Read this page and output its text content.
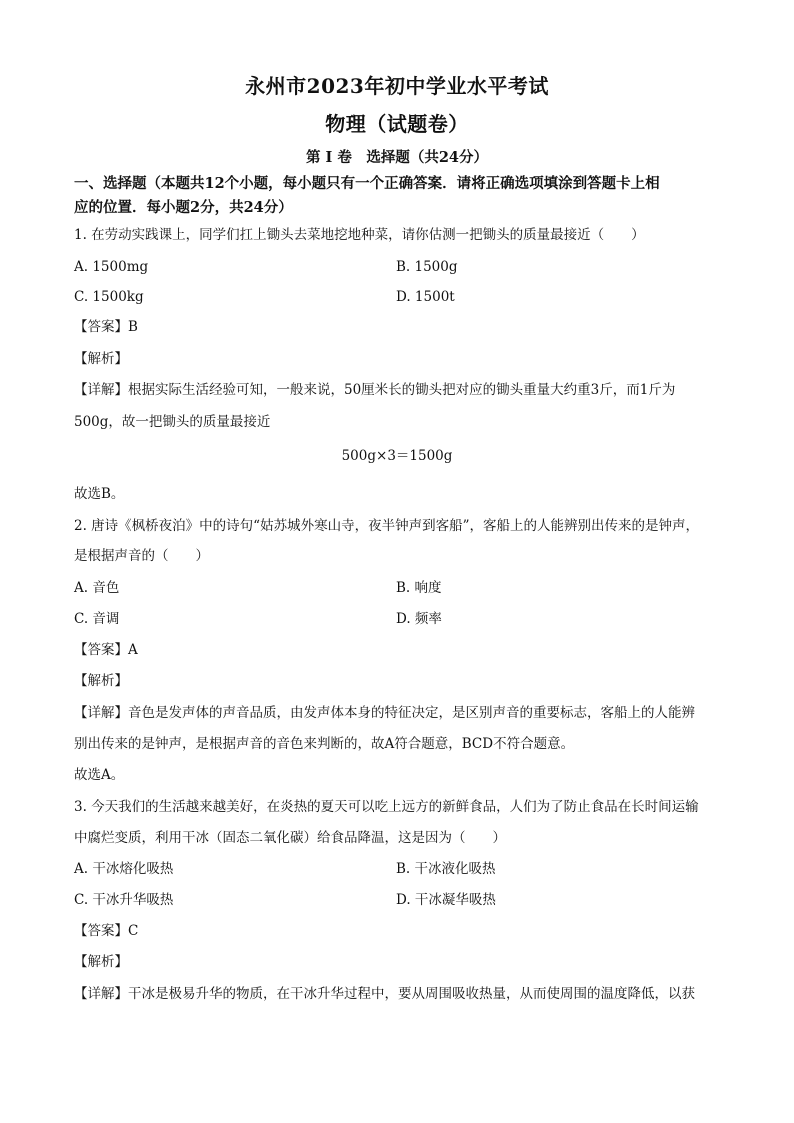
永州市2023年初中学业水平考试
物理（试题卷）
第 Ⅰ 卷　选择题（共24分）
一、选择题（本题共12个小题，每小题只有一个正确答案．请将正确选项填涂到答题卡上相
应的位置．每小题2分，共24分）
1. 在劳动实践课上，同学们扛上锄头去菜地挖地种菜，请你估测一把锄头的质量最接近（　　）
A. 1500mg	B. 1500g
C. 1500kg	D. 1500t
【答案】B
【解析】
【详解】根据实际生活经验可知，一般来说，50厘米长的锄头把对应的锄头重量大约重3斤，而1斤为
500g，故一把锄头的质量最接近
500g×3＝1500g
故选B。
2. 唐诗《枫桥夜泊》中的诗句“姑苏城外寒山寺，夜半钟声到客船”，客船上的人能辨别出传来的是钟声，
是根据声音的（　　）
A. 音色	B. 响度
C. 音调	D. 频率
【答案】A
【解析】
【详解】音色是发声体的声音品质，由发声体本身的特征决定，是区别声音的重要标志，客船上的人能辨
别出传来的是钟声，是根据声音的音色来判断的，故A符合题意，BCD不符合题意。
故选A。
3. 今天我们的生活越来越美好，在炎热的夏天可以吃上远方的新鲜食品，人们为了防止食品在长时间运输
中腐烂变质，利用干冰（固态二氧化碳）给食品降温，这是因为（　　）
A. 干冰熔化吸热	B. 干冰液化吸热
C. 干冰升华吸热	D. 干冰凝华吸热
【答案】C
【解析】
【详解】干冰是极易升华的物质，在干冰升华过程中，要从周围吸收热量，从而使周围的温度降低，以获
